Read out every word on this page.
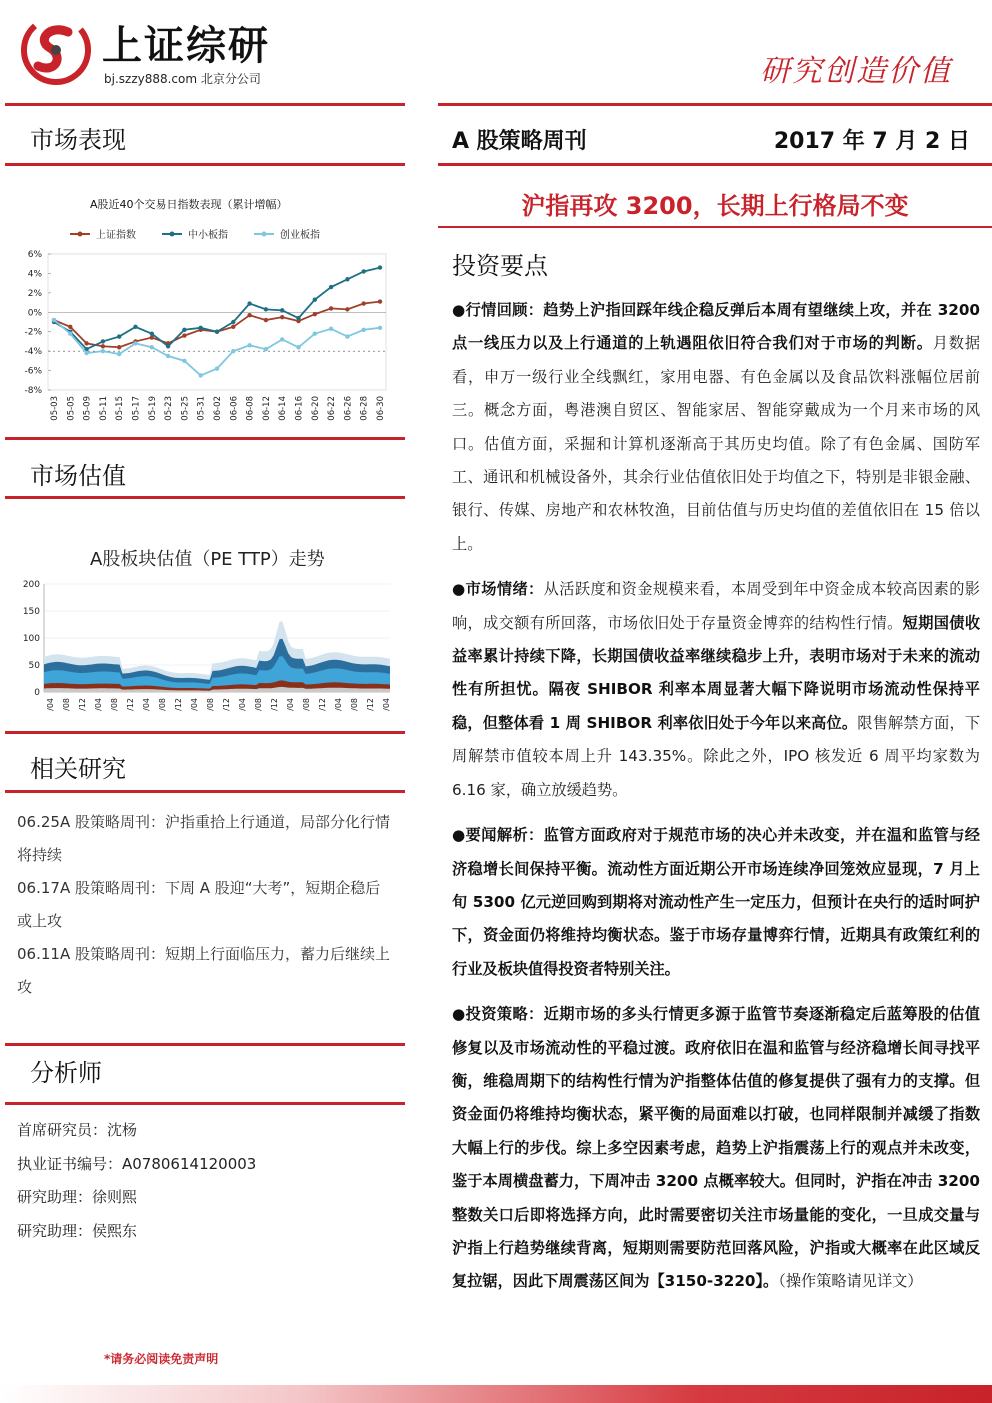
上证综研
bj.szzy888.com 北京分公司	研究创造价值
市场表现
市场估值
相关研究
分析师
A 股策略周刊	2017 年 7 月 2 日
沪指再攻 3200，长期上行格局不变
投资要点
A股近40个交易日指数表现（累计增幅）
上证指数	中小板指	创业板指
6%
4%
2%
0%
-2%
-4%
-6%
-8%
05-03 05-05 05-09 05-11 05-15 05-17 05-19 05-23 05-25 05-31 06-02 06-06 06-08 06-12 06-14 06-16 06-20 06-22 06-26 06-28 06-30
A股板块估值（PE TTP）走势
200
150
100
50
0
/04 /08 /12 /04 /08 /12 /04 /08 /12 /04 /08 /12 /04 /08 /12 /04 /08 /12 /04 /08 /12 /04
06.25A 股策略周刊：沪指重拾上行通道，局部分化行情将持续
06.17A 股策略周刊：下周 A 股迎“大考”，短期企稳后或上攻
06.11A 股策略周刊：短期上行面临压力，蓄力后继续上攻
首席研究员：沈杨
执业证书编号：A0780614120003
研究助理：徐则熙
研究助理：侯熙东
*请务必阅读免责声明

●行情回顾：趋势上沪指回踩年线企稳反弹后本周有望继续上攻，并在 3200 点一线压力以及上行通道的上轨遇阻依旧符合我们对于市场的判断。月数据看，申万一级行业全线飘红，家用电器、有色金属以及食品饮料涨幅位居前三。概念方面，粤港澳自贸区、智能家居、智能穿戴成为一个月来市场的风口。估值方面，采掘和计算机逐渐高于其历史均值。除了有色金属、国防军工、通讯和机械设备外，其余行业估值依旧处于均值之下，特别是非银金融、银行、传媒、房地产和农林牧渔，目前估值与历史均值的差值依旧在 15 倍以上。

●市场情绪：从活跃度和资金规模来看，本周受到年中资金成本较高因素的影响，成交额有所回落，市场依旧处于存量资金博弈的结构性行情。短期国债收益率累计持续下降，长期国债收益率继续稳步上升，表明市场对于未来的流动性有所担忧。隔夜 SHIBOR 利率本周显著大幅下降说明市场流动性保持平稳，但整体看 1 周 SHIBOR 利率依旧处于今年以来高位。限售解禁方面，下周解禁市值较本周上升 143.35%。除此之外，IPO 核发近 6 周平均家数为 6.16 家，确立放缓趋势。

●要闻解析：监管方面政府对于规范市场的决心并未改变，并在温和监管与经济稳增长间保持平衡。流动性方面近期公开市场连续净回笼效应显现，7 月上旬 5300 亿元逆回购到期将对流动性产生一定压力，但预计在央行的适时呵护下，资金面仍将维持均衡状态。鉴于市场存量博弈行情，近期具有政策红利的行业及板块值得投资者特别关注。

●投资策略：近期市场的多头行情更多源于监管节奏逐渐稳定后蓝筹股的估值修复以及市场流动性的平稳过渡。政府依旧在温和监管与经济稳增长间寻找平衡，维稳周期下的结构性行情为沪指整体估值的修复提供了强有力的支撑。但资金面仍将维持均衡状态，紧平衡的局面难以打破，也同样限制并减缓了指数大幅上行的步伐。综上多空因素考虑，趋势上沪指震荡上行的观点并未改变，鉴于本周横盘蓄力，下周冲击 3200 点概率较大。但同时，沪指在冲击 3200 整数关口后即将选择方向，此时需要密切关注市场量能的变化，一旦成交量与沪指上行趋势继续背离，短期则需要防范回落风险，沪指或大概率在此区域反复拉锯，因此下周震荡区间为【3150-3220】。（操作策略请见详文）
